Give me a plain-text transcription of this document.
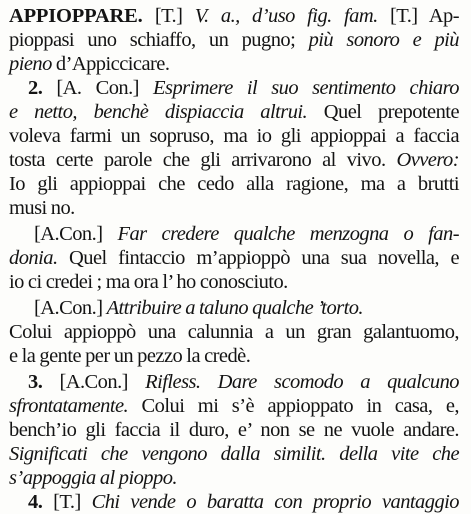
APPIOPPARE. [T.] V. a., d’uso fig. fam. [T.] Ap-
pioppasi uno schiaffo, un pugno; più sonoro e più
pieno d’Appiccicare.
2. [A. Con.] Esprimere il suo sentimento chiaro
e netto, benchè dispiaccia altrui. Quel prepotente
voleva farmi un sopruso, ma io gli appioppai a faccia
tosta certe parole che gli arrivarono al vivo. Ovvero:
Io gli appioppai che cedo alla ragione, ma a brutti
musi no.
[A.Con.] Far credere qualche menzogna o fan-
donia. Quel fintaccio m’appioppò una sua novella, e
io ci credei ; ma ora l’ ho conosciuto.
[A.Con.] Attribuire a taluno qualche ’torto.
Colui appioppò una calunnia a un gran galantuomo,
e la gente per un pezzo la credè.
3. [A.Con.] Rifless. Dare scomodo a qualcuno
sfrontatamente. Colui mi s’è appioppato in casa, e,
bench’io gli faccia il duro, e’ non se ne vuole andare.
Significati che vengono dalla similit. della vite che
s’appoggia al pioppo.
4. [T.] Chi vende o baratta con proprio vantaggio
